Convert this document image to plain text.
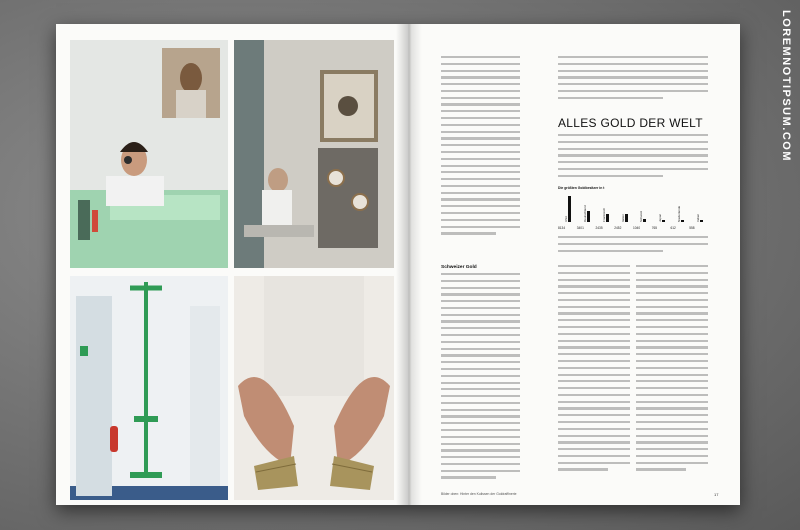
Schweizer Gold
LOREMNOTIPSUM.COM
ALLES GOLD DER WELT
Die größten Goldbesitzer in t
USA
8134
Deutschland
3401
Frankreich
2435
Italien
2452
Schweiz
1040
Japan
765
Niederlande
612
Indien
558
Bilder oben: Hinter den Kulissen der Goldraffinerie	17
